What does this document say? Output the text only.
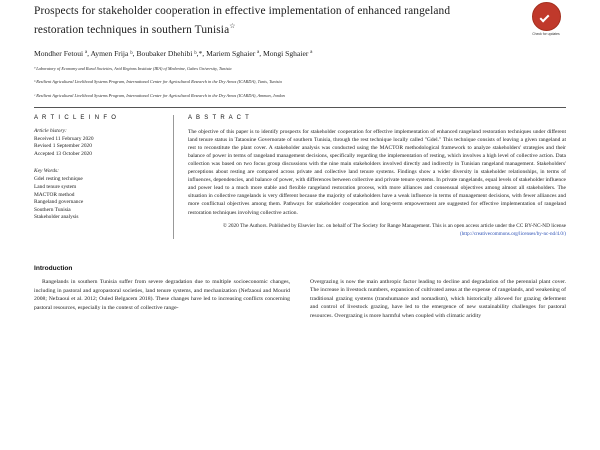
Check for updates
Prospects for stakeholder cooperation in effective implementation of enhanced rangeland restoration techniques in southern Tunisia☆
Mondher Fetoui ª, Aymen Frija ᵇ, Boubaker Dhehibi ᵇ,*, Mariem Sghaier ª, Mongi Sghaier ª
ª Laboratory of Economy and Rural Societies, Arid Regions Institute (IRA) of Medenine, Gabes University, Tunisia
ᵇ Resilient Agricultural Livelihood Systems Program, International Center for Agricultural Research in the Dry Areas (ICARDA), Tunis, Tunisia
ᶜ Resilient Agricultural Livelihood Systems Program, International Center for Agricultural Research in the Dry Areas (ICARDA), Amman, Jordan
A R T I C L E I N F O
Article history:
Received 11 February 2020
Revised 1 September 2020
Accepted 13 October 2020
Key Words:
Gdel resting technique
Land tenure system
MACTOR method
Rangeland governance
Southern Tunisia
Stakeholder analysis
A B S T R A C T
The objective of this paper is to identify prospects for stakeholder cooperation for effective implementation of enhanced rangeland restoration techniques under different land tenure status in Tataouine Governorate of southern Tunisia, through the rest technique locally called "Gdel." This technique consists of leaving a given rangeland at rest to reconstitute the plant cover. A stakeholder analysis was conducted using the MACTOR methodological framework to analyze stakeholders' strategies and their balance of power in terms of rangeland management decisions, specifically regarding the implementation of resting, which involves a high level of collective action. Data collection was based on two focus group discussions with the nine main stakeholders involved directly and indirectly in Tunisian rangeland management. Stakeholders' perceptions about resting are compared across private and collective land tenure systems. Findings show a wider diversity in stakeholder relationships, in terms of influences, dependencies, and balance of power, with differences between collective and private tenure systems. In private rangelands, equal levels of stakeholder influence and power lead to a much more stable and flexible rangeland restoration process, with more alliances and consensual objectives among almost all stakeholders. The situation in collective rangelands is very different because the majority of stakeholders have a weak influence in terms of management decisions, with fewer alliances and more conflictual objectives among them. Pathways for stakeholder cooperation and long-term empowerment are suggested for effective implementation of rangeland restoration techniques involving collective action.
© 2020 The Authors. Published by Elsevier Inc. on behalf of The Society for Range Management. This is an open access article under the CC BY-NC-ND license
(http://creativecommons.org/licenses/by-nc-nd/4.0/)
Introduction
Rangelands in southern Tunisia suffer from severe degradation due to multiple socioeconomic changes, including in pastoral and agropastoral societies, land tenure systems, and mechanization (Nefzaoui and Mourid 2008; Nefzaoui et al. 2012; Ouled Belgacem 2018). These changes have led to increasing conflicts concerning pastoral resources, especially in the context of collective range-
Overgrazing is now the main anthropic factor leading to decline and degradation of the perennial plant cover. The increase in livestock numbers, expansion of cultivated areas at the expense of rangelands, and weakening of traditional grazing systems (transhumance and nomadism), which historically allowed for grazing deferment and control of livestock grazing, have led to the emergence of new sustainability challenges for pastoral resources. Overgrazing is more harmful when coupled with climatic aridity
